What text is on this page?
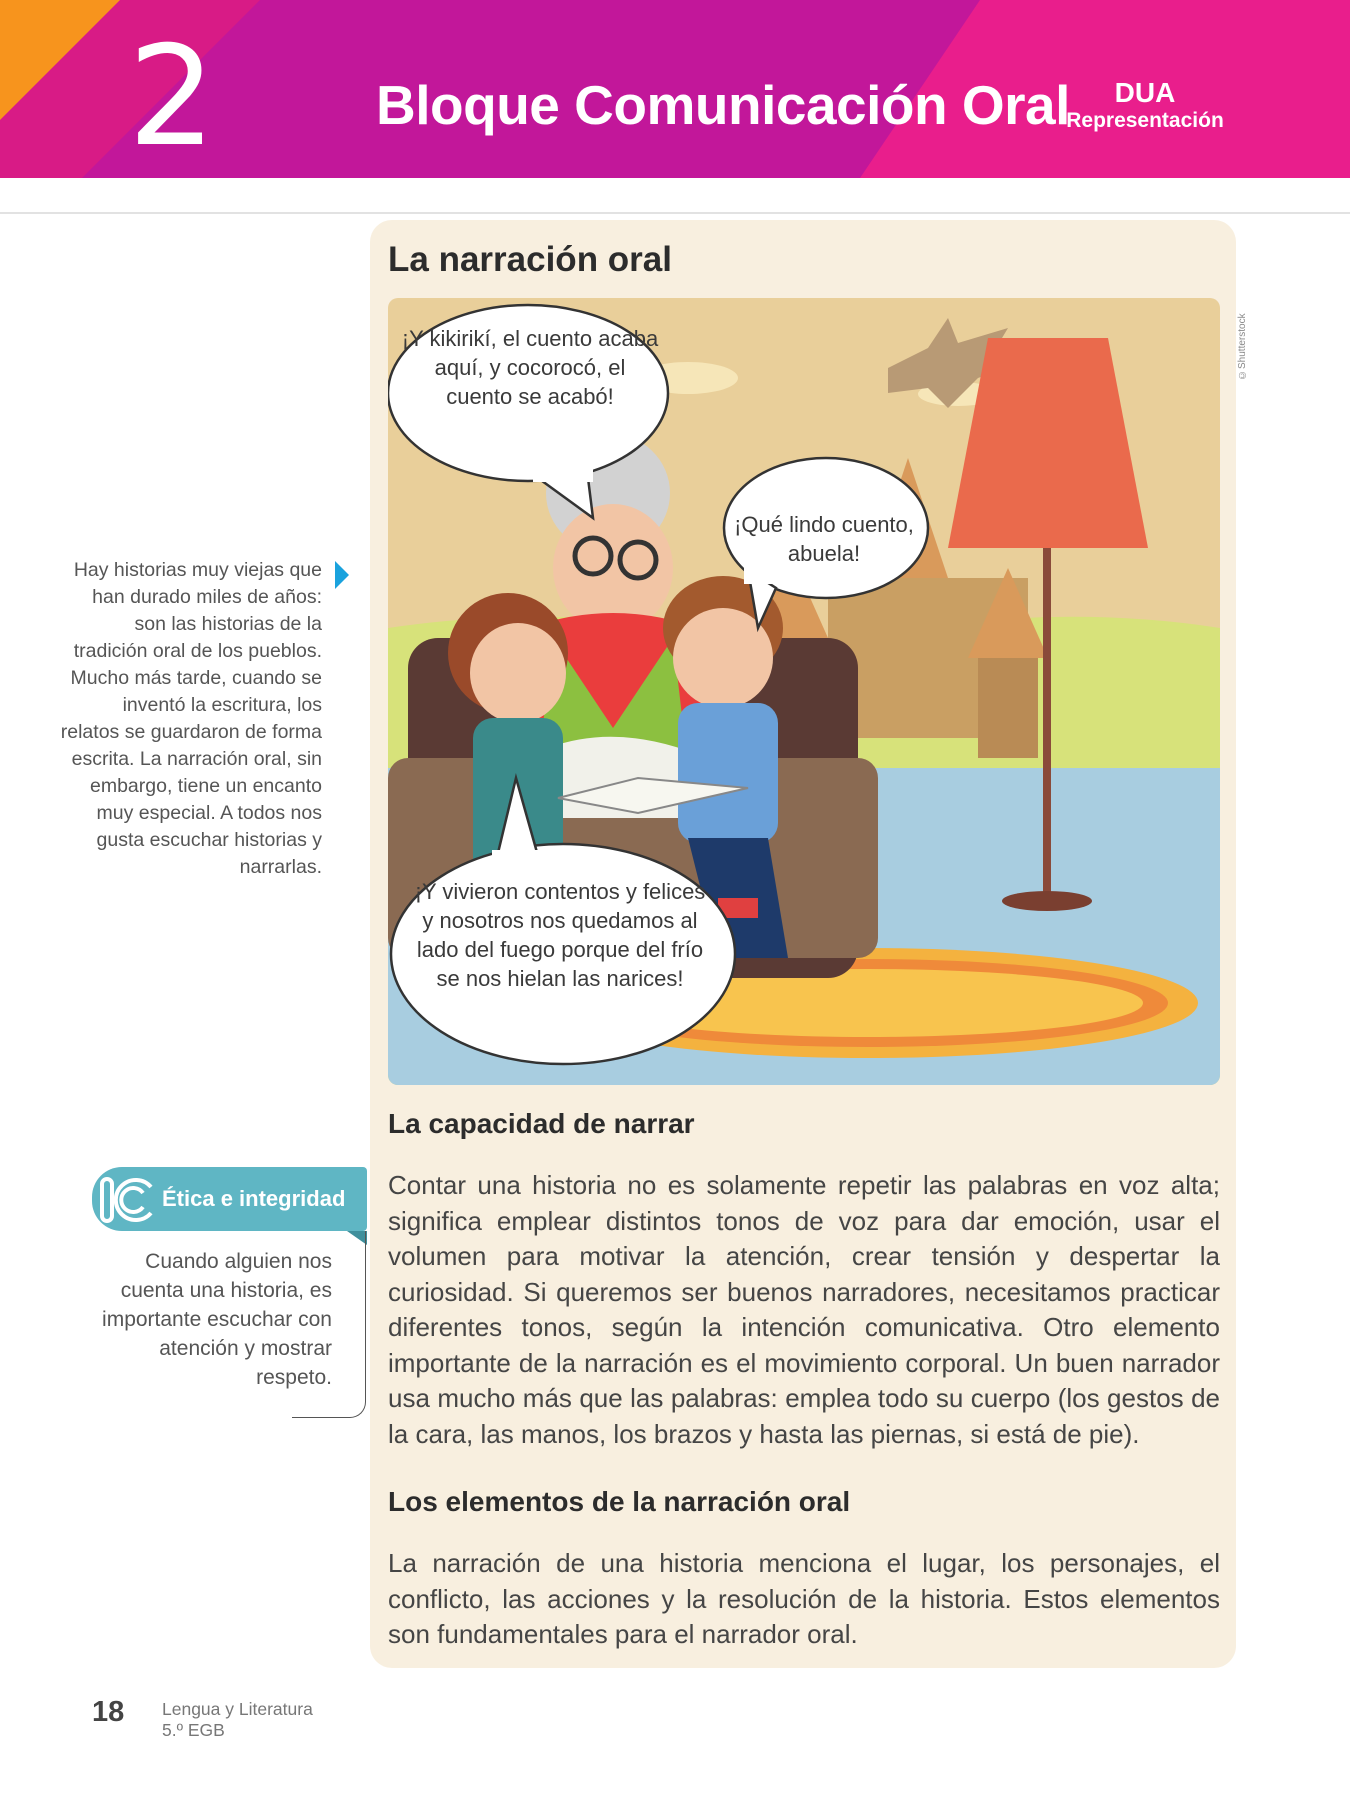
2	Bloque Comunicación Oral	DUA
Representación
La narración oral
©Shutterstock
¡Y kikirikí, el cuento acaba aquí, y cocorocó, el cuento se acabó!
¡Qué lindo cuento, abuela!
¡Y vivieron contentos y felices y nosotros nos quedamos al lado del fuego porque del frío se nos hielan las narices!
La capacidad de narrar

Contar una historia no es solamente repetir las palabras en voz alta; significa emplear distintos tonos de voz para dar emoción, usar el volumen para motivar la atención, crear tensión y despertar la curiosidad. Si queremos ser buenos narradores, necesitamos practicar diferentes tonos, según la intención comunicativa. Otro elemento importante de la narración es el movimiento corporal. Un buen narrador usa mucho más que las palabras: emplea todo su cuerpo (los gestos de la cara, las manos, los brazos y hasta las piernas, si está de pie).

Los elementos de la narración oral

La narración de una historia menciona el lugar, los personajes, el conflicto, las acciones y la resolución de la historia. Estos elementos son fundamentales para el narrador oral.

Hay historias muy viejas que han durado miles de años: son las historias de la tradición oral de los pueblos. Mucho más tarde, cuando se inventó la escritura, los relatos se guardaron de forma escrita. La narración oral, sin embargo, tiene un encanto muy especial. A todos nos gusta escuchar historias y narrarlas.

Ética e integridad

Cuando alguien nos cuenta una historia, es importante escuchar con atención y mostrar respeto.

18 Lengua y Literatura
5.º EGB
